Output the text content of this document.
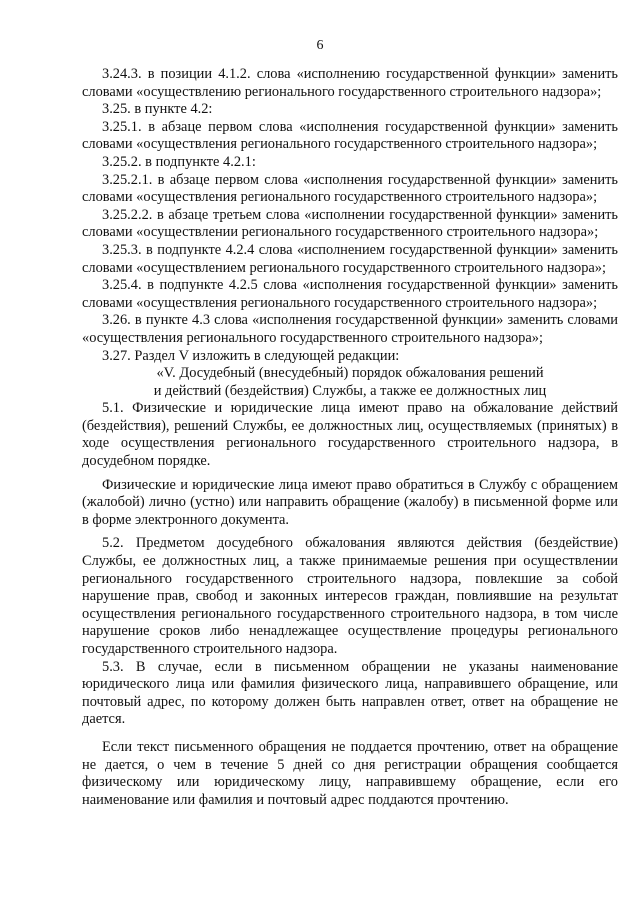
6

3.24.3. в позиции 4.1.2. слова «исполнению государственной функции» заменить словами «осуществлению регионального государственного строительного надзора»;

3.25. в пункте 4.2:

3.25.1. в абзаце первом слова «исполнения государственной функции» заменить словами «осуществления регионального государственного строительного надзора»;

3.25.2. в подпункте 4.2.1:

3.25.2.1. в абзаце первом слова «исполнения государственной функции» заменить словами «осуществления регионального государственного строительного надзора»;

3.25.2.2. в абзаце третьем слова «исполнении государственной функции» заменить словами «осуществлении регионального государственного строительного надзора»;

3.25.3. в подпункте 4.2.4 слова «исполнением государственной функции» заменить словами «осуществлением регионального государственного строительного надзора»;

3.25.4. в подпункте 4.2.5 слова «исполнения государственной функции» заменить словами «осуществления регионального государственного строительного надзора»;

3.26. в пункте 4.3 слова «исполнения государственной функции» заменить словами «осуществления регионального государственного строительного надзора»;

3.27. Раздел V изложить в следующей редакции:

«V. Досудебный (внесудебный) порядок обжалования решений

и действий (бездействия) Службы, а также ее должностных лиц

5.1. Физические и юридические лица имеют право на обжалование действий (бездействия), решений Службы, ее должностных лиц, осуществляемых (принятых) в ходе осуществления регионального государственного строительного надзора, в досудебном порядке.

Физические и юридические лица имеют право обратиться в Службу с обращением (жалобой) лично (устно) или направить обращение (жалобу) в письменной форме или в форме электронного документа.

5.2. Предметом досудебного обжалования являются действия (бездействие) Службы, ее должностных лиц, а также принимаемые решения при осуществлении регионального государственного строительного надзора, повлекшие за собой нарушение прав, свобод и законных интересов граждан, повлиявшие на результат осуществления регионального государственного строительного надзора, в том числе нарушение сроков либо ненадлежащее осуществление процедуры регионального государственного строительного надзора.

5.3. В случае, если в письменном обращении не указаны наименование юридического лица или фамилия физического лица, направившего обращение, или почтовый адрес, по которому должен быть направлен ответ, ответ на обращение не дается.

Если текст письменного обращения не поддается прочтению, ответ на обращение не дается, о чем в течение 5 дней со дня регистрации обращения сообщается физическому или юридическому лицу, направившему обращение, если его наименование или фамилия и почтовый адрес поддаются прочтению.
